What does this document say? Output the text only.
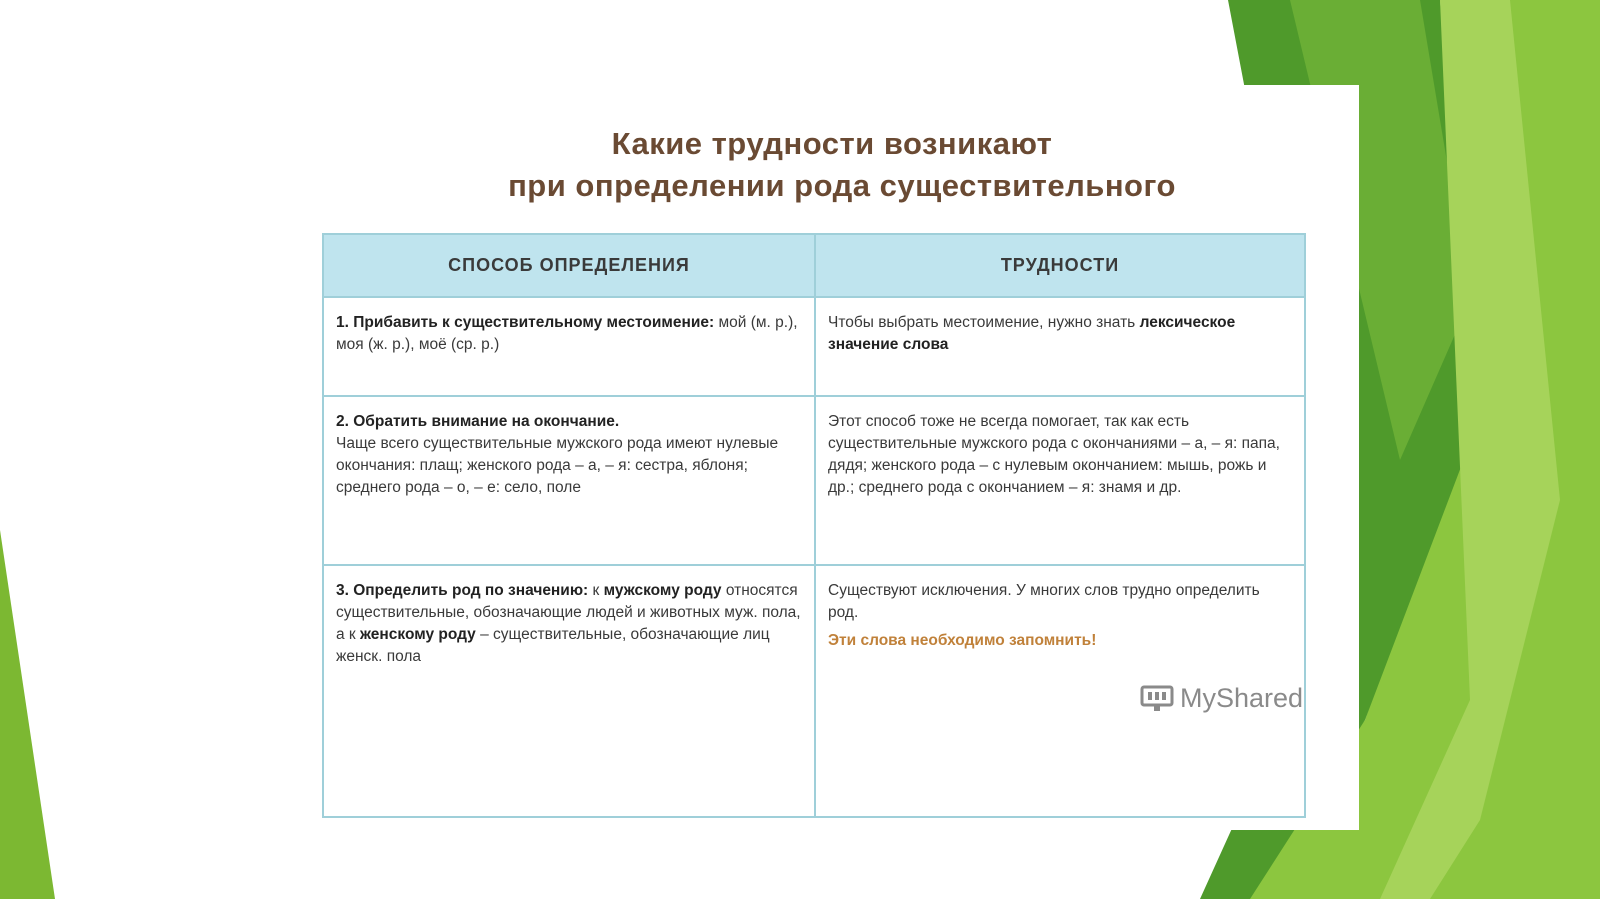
Какие трудности возникают
при определении рода существительного
СПОСОБ ОПРЕДЕЛЕНИЯ	ТРУДНОСТИ
1. Прибавить к существительному местоимение: мой (м. р.), моя (ж. р.), моё (ср. р.)	Чтобы выбрать местоимение, нужно знать лексическое значение слова
2. Обратить внимание на окончание.
Чаще всего существительные мужского рода имеют нулевые окончания: плащ; женского рода – а, – я: сестра, яблоня; среднего рода – о, – е: село, поле	Этот способ тоже не всегда помогает, так как есть существительные мужского рода с окончаниями – а, – я: папа, дядя; женского рода – с нулевым окончанием: мышь, рожь и др.; среднего рода с окончанием – я: знамя и др.
3. Определить род по значению: к мужскому роду относятся существительные, обозначающие людей и животных муж. пола, а к женскому роду – существительные, обозначающие лиц женск. пола	Существуют исключения. У многих слов трудно определить род.
Эти слова необходимо запомнить!
MyShared
